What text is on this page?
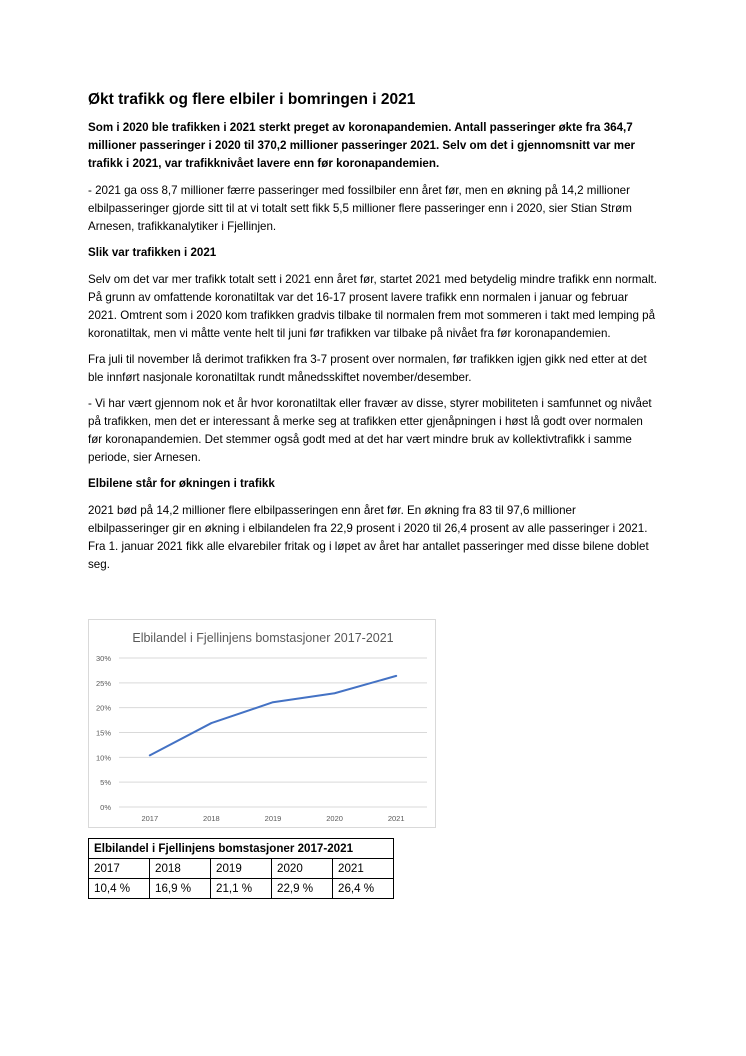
Økt trafikk og flere elbiler i bomringen i 2021

Som i 2020 ble trafikken i 2021 sterkt preget av koronapandemien. Antall passeringer økte fra 364,7 millioner passeringer i 2020 til 370,2 millioner passeringer 2021. Selv om det i gjennomsnitt var mer trafikk i 2021, var trafikknivået lavere enn før koronapandemien.

- 2021 ga oss 8,7 millioner færre passeringer med fossilbiler enn året før, men en økning på 14,2 millioner elbilpasseringer gjorde sitt til at vi totalt sett fikk 5,5 millioner flere passeringer enn i 2020, sier Stian Strøm Arnesen, trafikkanalytiker i Fjellinjen.

Slik var trafikken i 2021

Selv om det var mer trafikk totalt sett i 2021 enn året før, startet 2021 med betydelig mindre trafikk enn normalt. På grunn av omfattende koronatiltak var det 16-17 prosent lavere trafikk enn normalen i januar og februar 2021. Omtrent som i 2020 kom trafikken gradvis tilbake til normalen frem mot sommeren i takt med lemping på koronatiltak, men vi måtte vente helt til juni før trafikken var tilbake på nivået fra før koronapandemien.

Fra juli til november lå derimot trafikken fra 3-7 prosent over normalen, før trafikken igjen gikk ned etter at det ble innført nasjonale koronatiltak rundt månedsskiftet november/desember.

- Vi har vært gjennom nok et år hvor koronatiltak eller fravær av disse, styrer mobiliteten i samfunnet og nivået på trafikken, men det er interessant å merke seg at trafikken etter gjenåpningen i høst lå godt over normalen før koronapandemien. Det stemmer også godt med at det har vært mindre bruk av kollektivtrafikk i samme periode, sier Arnesen.

Elbilene står for økningen i trafikk

2021 bød på 14,2 millioner flere elbilpasseringen enn året før. En økning fra 83 til 97,6 millioner elbilpasseringer gir en økning i elbilandelen fra 22,9 prosent i 2020 til 26,4 prosent av alle passeringer i 2021. Fra 1. januar 2021 fikk alle elvarebiler fritak og i løpet av året har antallet passeringer med disse bilene doblet seg.

Elbilandel i Fjellinjens bomstasjoner 2017-2021
0%
5%
10%
15%
20%
25%
30%
2017	2018	2019	2020	2021
Elbilandel i Fjellinjens bomstasjoner 2017-2021				
2017	2018	2019	2020	2021
10,4 %	16,9 %	21,1 %	22,9 %	26,4 %
